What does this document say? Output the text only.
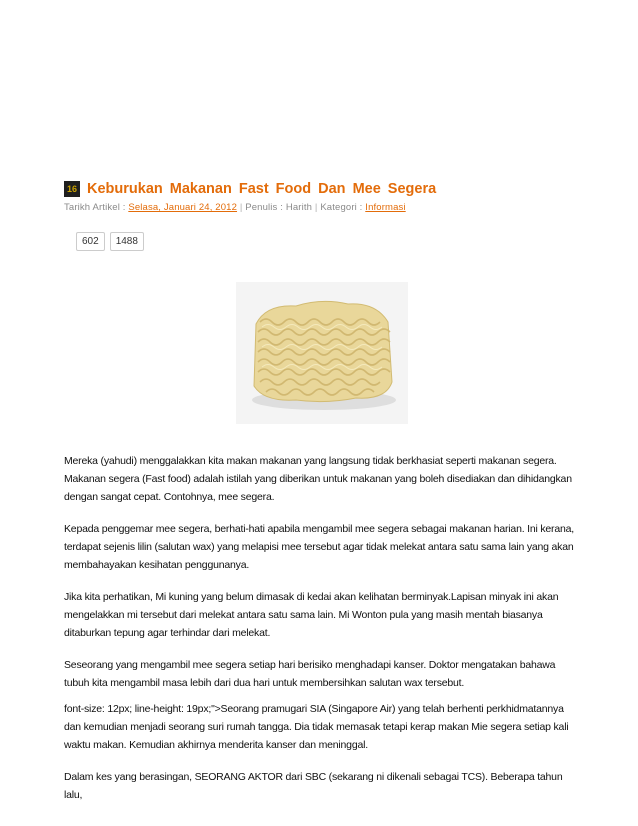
16 Keburukan Makanan Fast Food Dan Mee Segera
Tarikh Artikel : Selasa, Januari 24, 2012 | Penulis : Harith | Kategori : Informasi
602	1488

Mereka (yahudi) menggalakkan kita makan makanan yang langsung tidak berkhasiat seperti makanan segera. Makanan segera (Fast food) adalah istilah yang diberikan untuk makanan yang boleh disediakan dan dihidangkan dengan sangat cepat. Contohnya, mee segera.

Kepada penggemar mee segera, berhati-hati apabila mengambil mee segera sebagai makanan harian. Ini kerana, terdapat sejenis lilin (salutan wax) yang melapisi mee tersebut agar tidak melekat antara satu sama lain yang akan membahayakan kesihatan penggunanya.

Jika kita perhatikan, Mi kuning yang belum dimasak di kedai akan kelihatan berminyak.Lapisan minyak ini akan mengelakkan mi tersebut dari melekat antara satu sama lain. Mi Wonton pula yang masih mentah biasanya ditaburkan tepung agar terhindar dari melekat.

Seseorang yang mengambil mee segera setiap hari berisiko menghadapi kanser. Doktor mengatakan bahawa tubuh kita mengambil masa lebih dari dua hari untuk membersihkan salutan wax tersebut.

font-size: 12px; line-height: 19px;">Seorang pramugari SIA (Singapore Air) yang telah berhenti perkhidmatannya dan kemudian menjadi seorang suri rumah tangga. Dia tidak memasak tetapi kerap makan Mie segera setiap kali waktu makan. Kemudian akhirnya menderita kanser dan meninggal.

Dalam kes yang berasingan, SEORANG AKTOR dari SBC (sekarang ni dikenali sebagai TCS). Beberapa tahun lalu,
